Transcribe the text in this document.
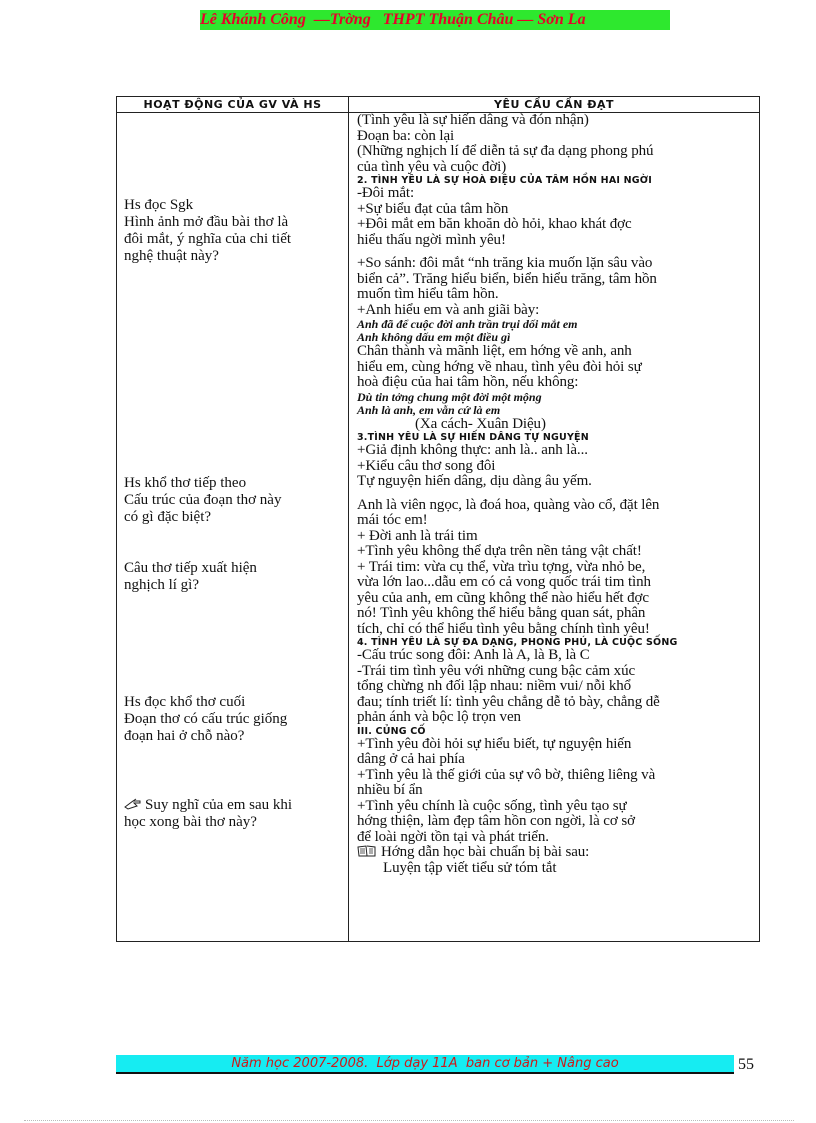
Lê Khánh Công  —Trờng   THPT Thuận Châu — Sơn La
HOẠT ĐỘNG CỦA GV VÀ HS	YÊU CẦU CẦN ĐẠT
Hs đọc Sgk
Hình ảnh mở đầu bài thơ là
đôi mắt, ý nghĩa của chi tiết
nghệ thuật này?
Hs khổ thơ tiếp theo
Cấu trúc của đoạn thơ này
có gì đặc biệt?
Câu thơ tiếp xuất hiện
nghịch lí gì?
Hs đọc khổ thơ cuối
Đoạn thơ có cấu trúc giống
đoạn hai ở chỗ nào?
Suy nghĩ của em sau khi
học xong bài thơ này?
(Tình yêu là sự hiến dâng và đón nhận)
Đoạn ba: còn lại
(Những nghịch lí để diễn tả sự đa dạng phong phú
của tình yêu và cuộc đời)
2. TÌNH YÊU LÀ SỰ HOÀ ĐIỆU CỦA TÂM HỒN HAI NGỜI
-Đôi mắt:
+Sự biểu đạt của tâm hồn
+Đôi mắt em băn khoăn dò hỏi, khao khát đợc
hiểu thấu ngời mình yêu!
+So sánh: đôi mắt “nh trăng kia muốn lặn sâu vào
biển cả”. Trăng hiểu biển, biển hiểu trăng, tâm hồn
muốn tìm hiểu tâm hồn.
+Anh hiểu em và anh giãi bày:
Anh đã để cuộc đời anh trần trụi dối mắt em
Anh không dấu em một điều gì
Chân thành và mãnh liệt, em hớng về anh, anh
hiểu em, cùng hớng về nhau, tình yêu đòi hỏi sự
hoà điệu của hai tâm hồn, nếu không:
Dù tin tởng chung một đời một mộng
Anh là anh, em vẫn cứ là em
(Xa cách- Xuân Diệu)
3.TÌNH YÊU LÀ SỰ HIẾN DÂNG TỰ NGUYỆN
+Giả định không thực: anh là.. anh là...
+Kiểu câu thơ song đôi
Tự nguyện hiến dâng, dịu dàng âu yếm.
Anh là viên ngọc, là đoá hoa, quàng vào cổ, đặt lên
mái tóc em!
+ Đời anh là trái tim
+Tình yêu không thể dựa trên nền tảng vật chất!
+ Trái tim: vừa cụ thể, vừa trìu tợng, vừa nhỏ be,
vừa lớn lao...dẫu em có cả vong quốc trái tim tình
yêu của anh, em cũng không thể nào hiểu hết đợc
nó! Tình yêu không thể hiểu bằng quan sát, phân
tích, chỉ có thể hiểu tình yêu bằng chính tình yêu!
4. TÌNH YÊU LÀ SỰ ĐA DẠNG, PHONG PHÚ, LÀ CUỘC SỐNG
-Cấu trúc song đôi: Anh là A, là B, là C
-Trái tim tình yêu với những cung bậc cảm xúc
tổng chừng nh đối lập nhau: niềm vui/ nỗi khổ
đau; tính triết lí: tình yêu chẳng dễ tỏ bày, chẳng dễ
phản ánh và bộc lộ trọn ven
III. CỦNG CỐ
+Tình yêu đòi hỏi sự hiểu biết, tự nguyện hiến
dâng ở cả hai phía
+Tình yêu là thế giới của sự vô bờ, thiêng liêng và
nhiều bí ẩn
+Tình yêu chính là cuộc sống, tình yêu tạo sự
hớng thiện, làm đẹp tâm hồn con ngời, là cơ sở
để loài ngời tồn tại và phát triển.
Hớng dẫn học bài chuẩn bị bài sau:
Luyện tập viết tiểu sử tóm tắt
Năm học 2007-2008.  Lớp dạy 11A  ban cơ bản + Nâng cao	55
